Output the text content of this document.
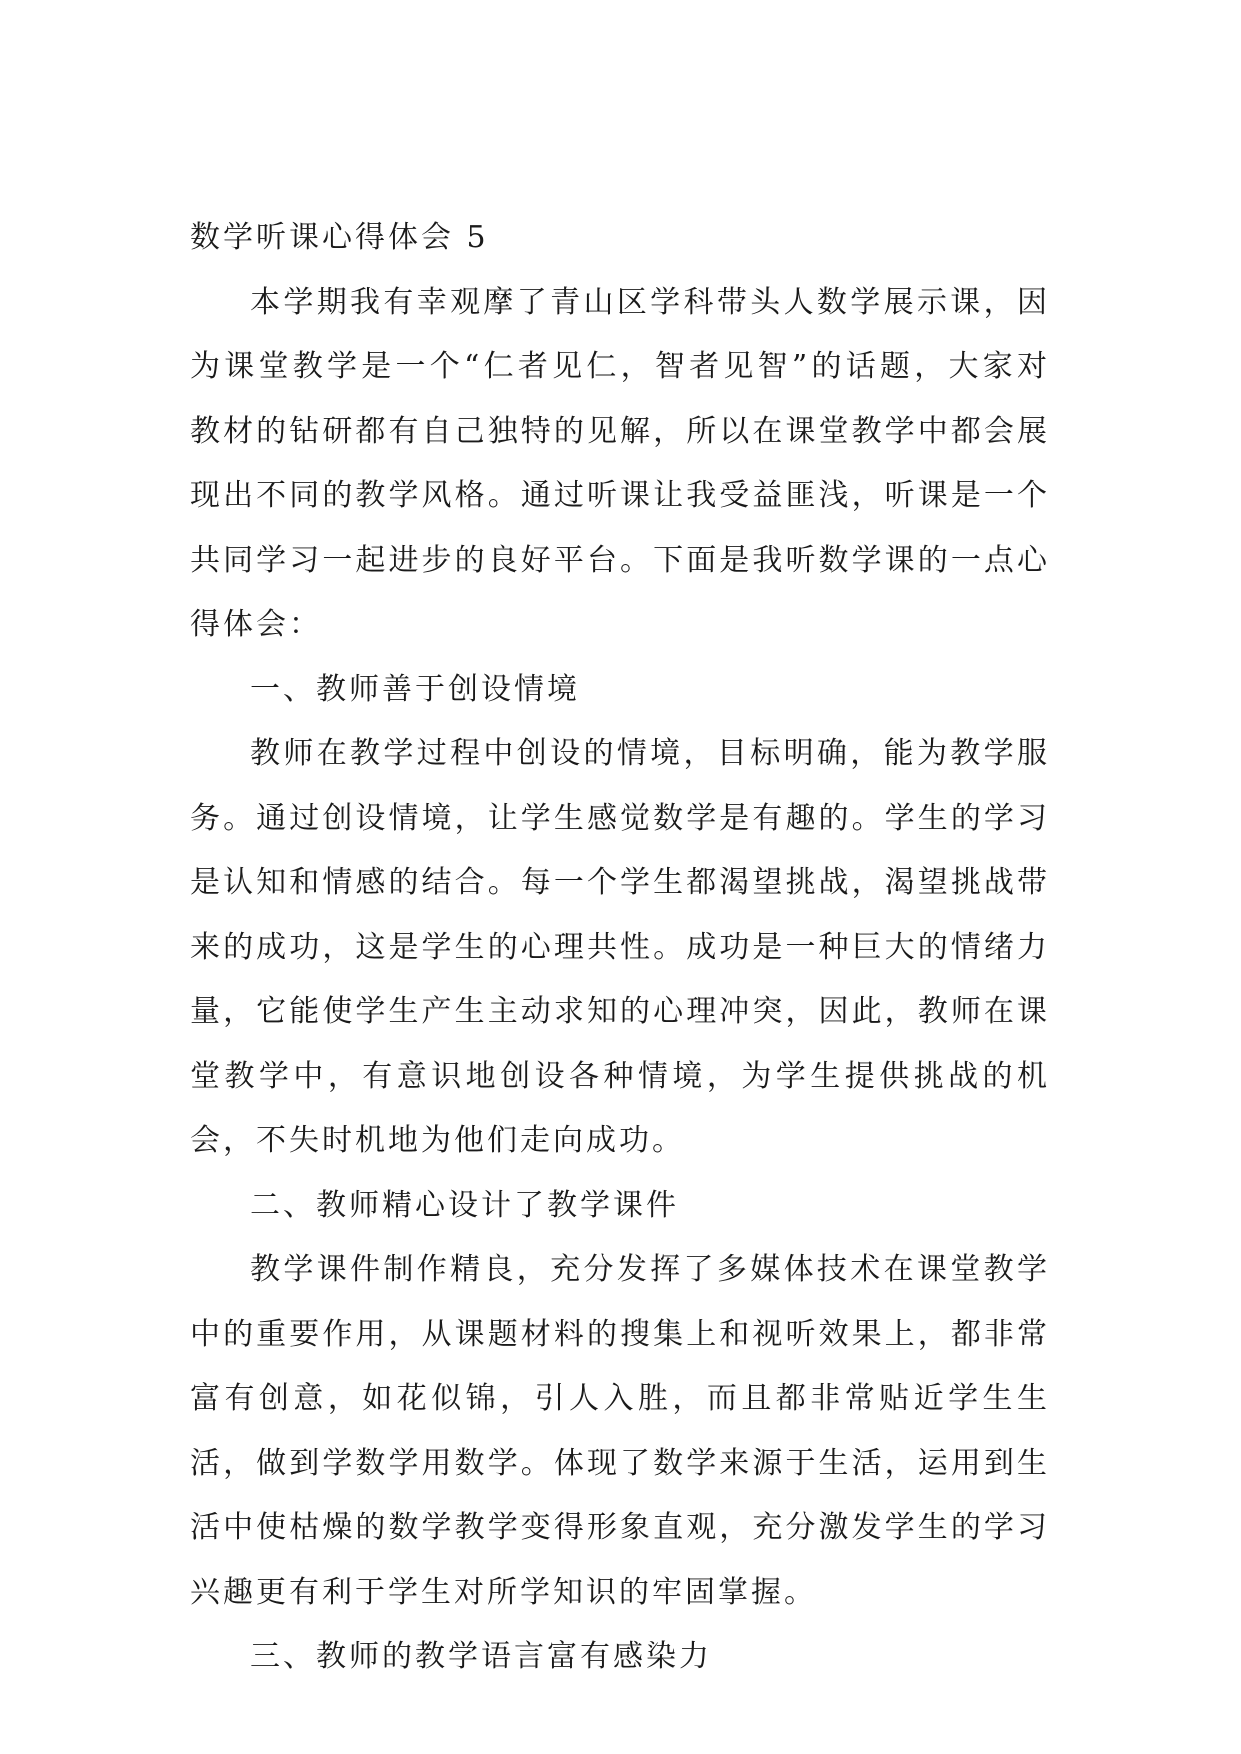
数学听课心得体会 5

本学期我有幸观摩了青山区学科带头人数学展示课，因为课堂教学是一个“仁者见仁，智者见智”的话题，大家对教材的钻研都有自己独特的见解，所以在课堂教学中都会展现出不同的教学风格。通过听课让我受益匪浅，听课是一个共同学习一起进步的良好平台。下面是我听数学课的一点心得体会：

一、教师善于创设情境

教师在教学过程中创设的情境，目标明确，能为教学服务。通过创设情境，让学生感觉数学是有趣的。学生的学习是认知和情感的结合。每一个学生都渴望挑战，渴望挑战带来的成功，这是学生的心理共性。成功是一种巨大的情绪力量，它能使学生产生主动求知的心理冲突，因此，教师在课堂教学中，有意识地创设各种情境，为学生提供挑战的机会，不失时机地为他们走向成功。

二、教师精心设计了教学课件

教学课件制作精良，充分发挥了多媒体技术在课堂教学中的重要作用，从课题材料的搜集上和视听效果上，都非常富有创意，如花似锦，引人入胜，而且都非常贴近学生生活，做到学数学用数学。体现了数学来源于生活，运用到生活中使枯燥的数学教学变得形象直观，充分激发学生的学习兴趣更有利于学生对所学知识的牢固掌握。

三、教师的教学语言富有感染力
